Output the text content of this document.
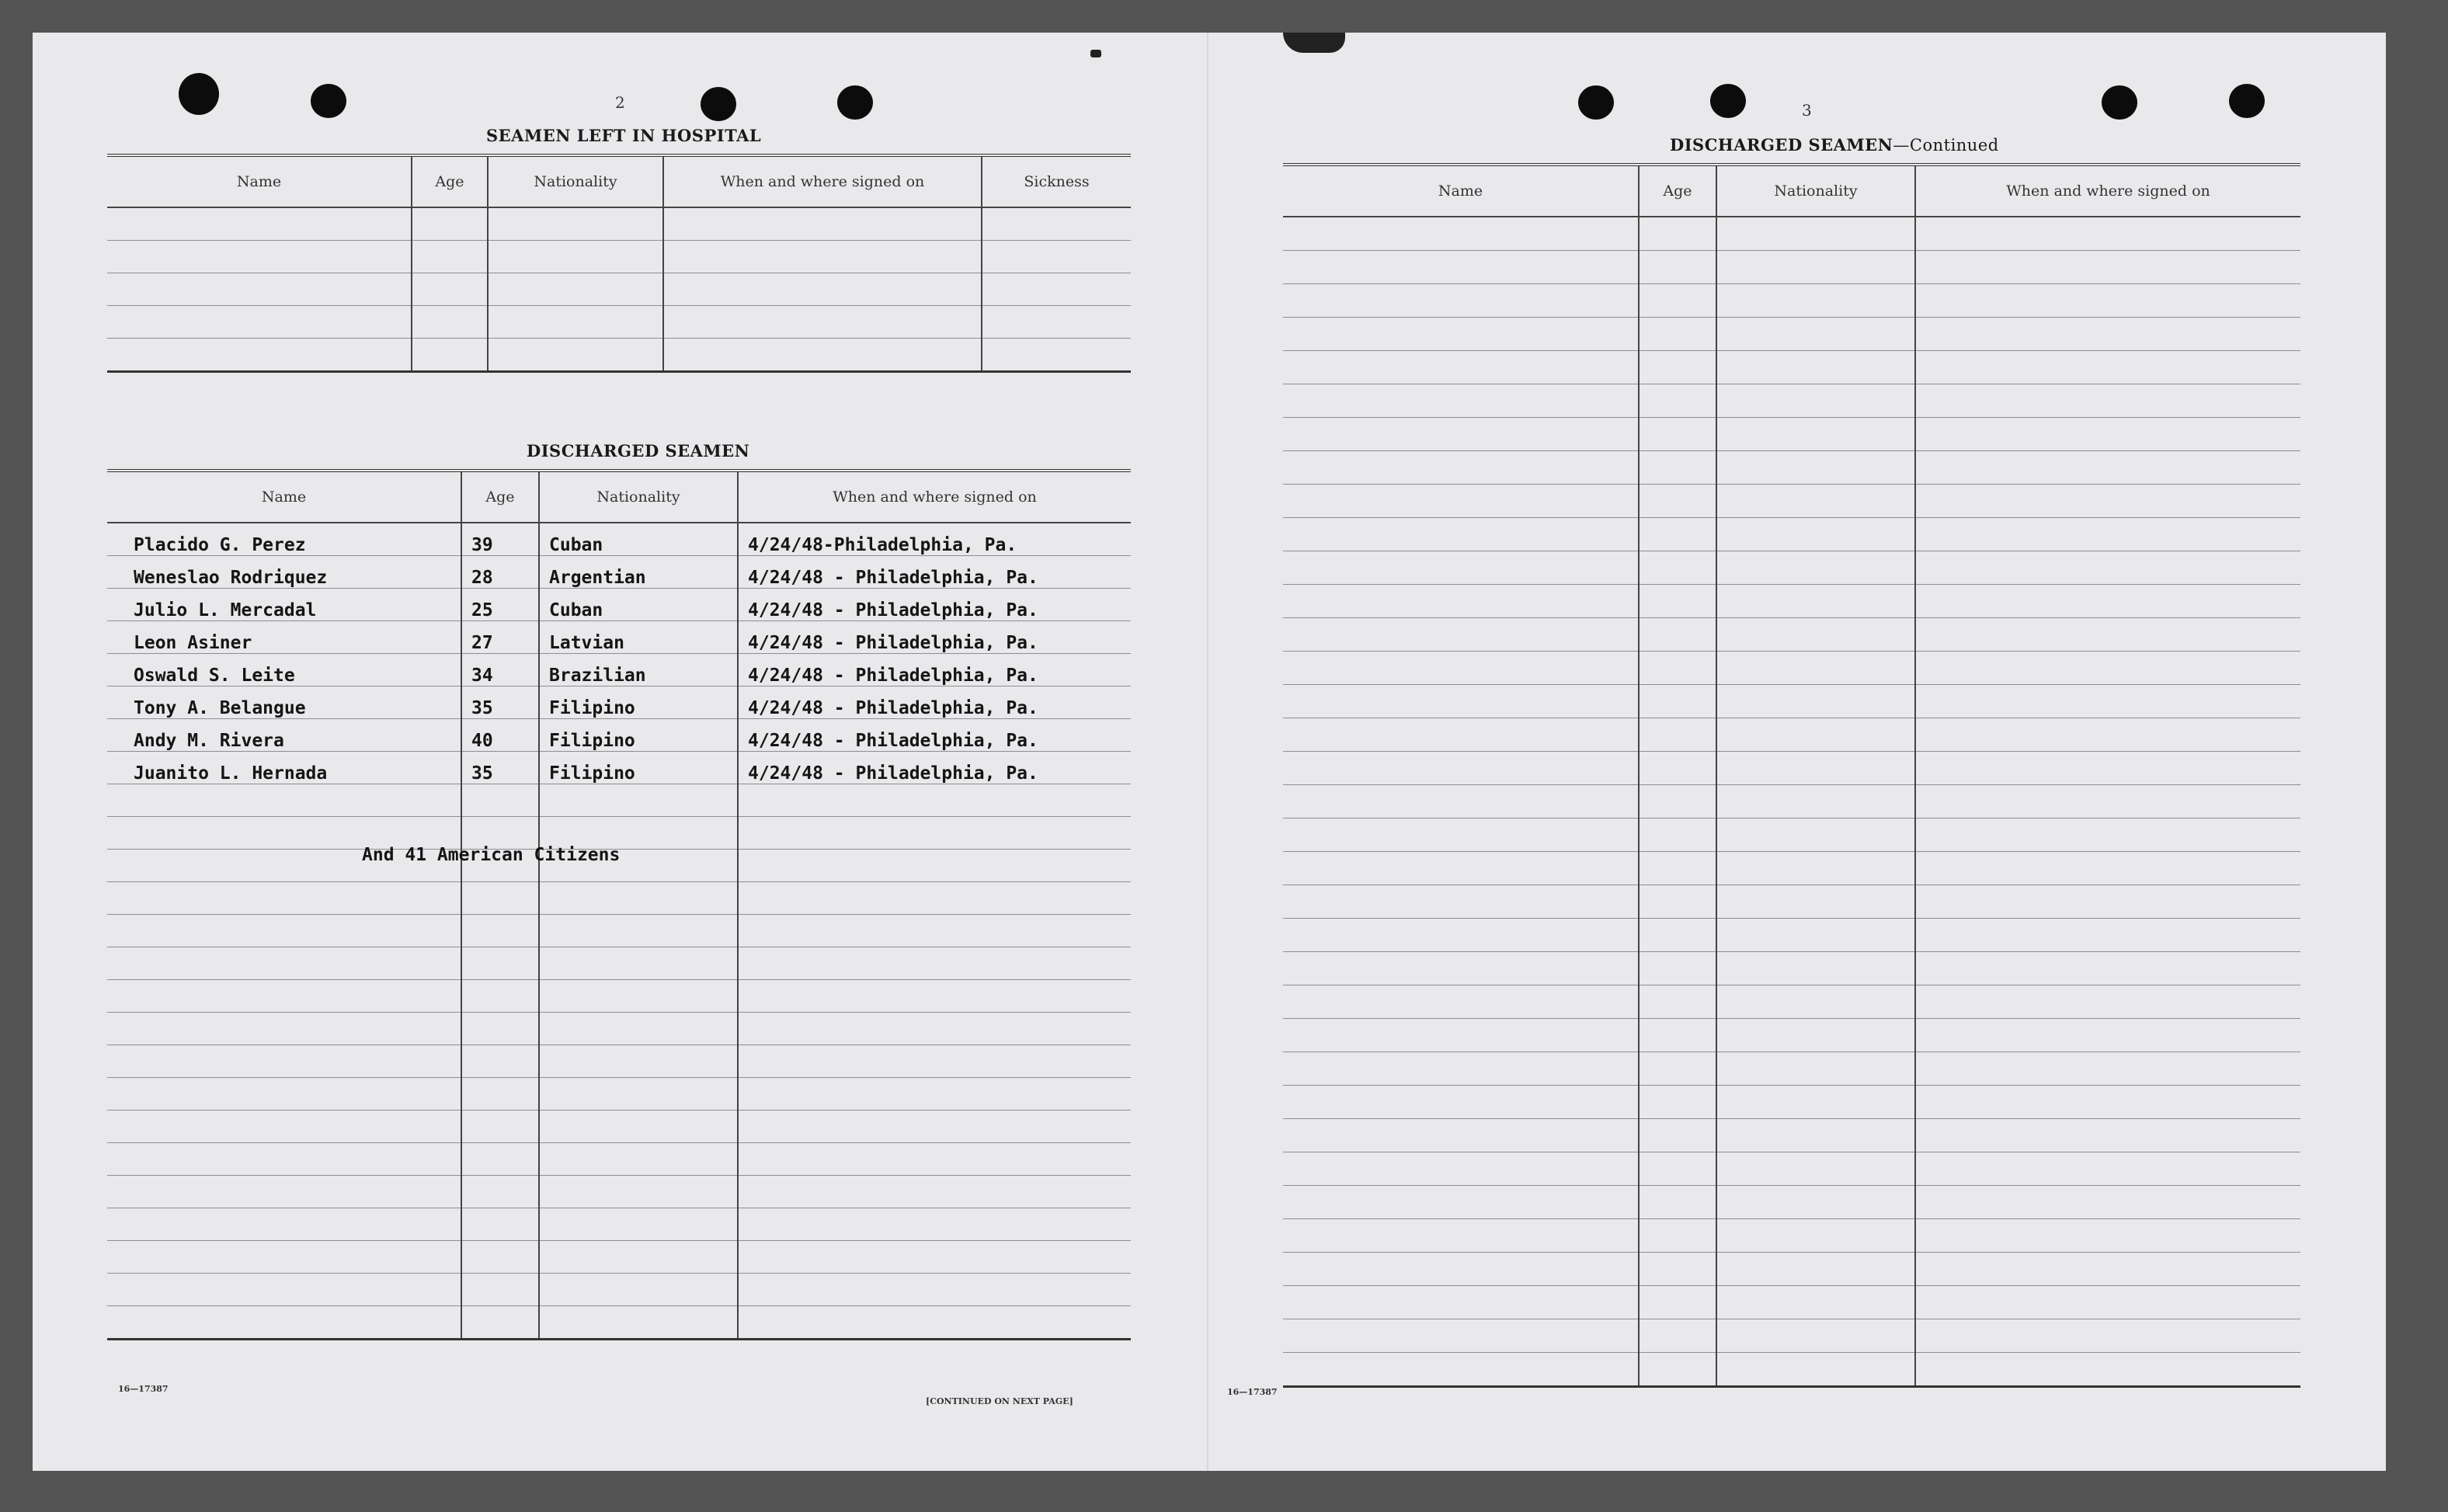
2
SEAMEN LEFT IN HOSPITAL
Name	Age	Nationality	When and where signed on	Sickness

DISCHARGED SEAMEN
Name	Age	Nationality	When and where signed on
Placido G. Perez	39	Cuban	4/24/48-Philadelphia, Pa.
Weneslao Rodriquez	28	Argentian	4/24/48 - Philadelphia, Pa.
Julio L. Mercadal	25	Cuban	4/24/48 - Philadelphia, Pa.
Leon Asiner	27	Latvian	4/24/48 - Philadelphia, Pa.
Oswald S. Leite	34	Brazilian	4/24/48 - Philadelphia, Pa.
Tony A. Belangue	35	Filipino	4/24/48 - Philadelphia, Pa.
Andy M. Rivera	40	Filipino	4/24/48 - Philadelphia, Pa.
Juanito L. Hernada	35	Filipino	4/24/48 - Philadelphia, Pa.

And 41 American Citizens
16—17387
[CONTINUED ON NEXT PAGE]
3
DISCHARGED SEAMEN—Continued
Name	Age	Nationality	When and where signed on

16—17387
